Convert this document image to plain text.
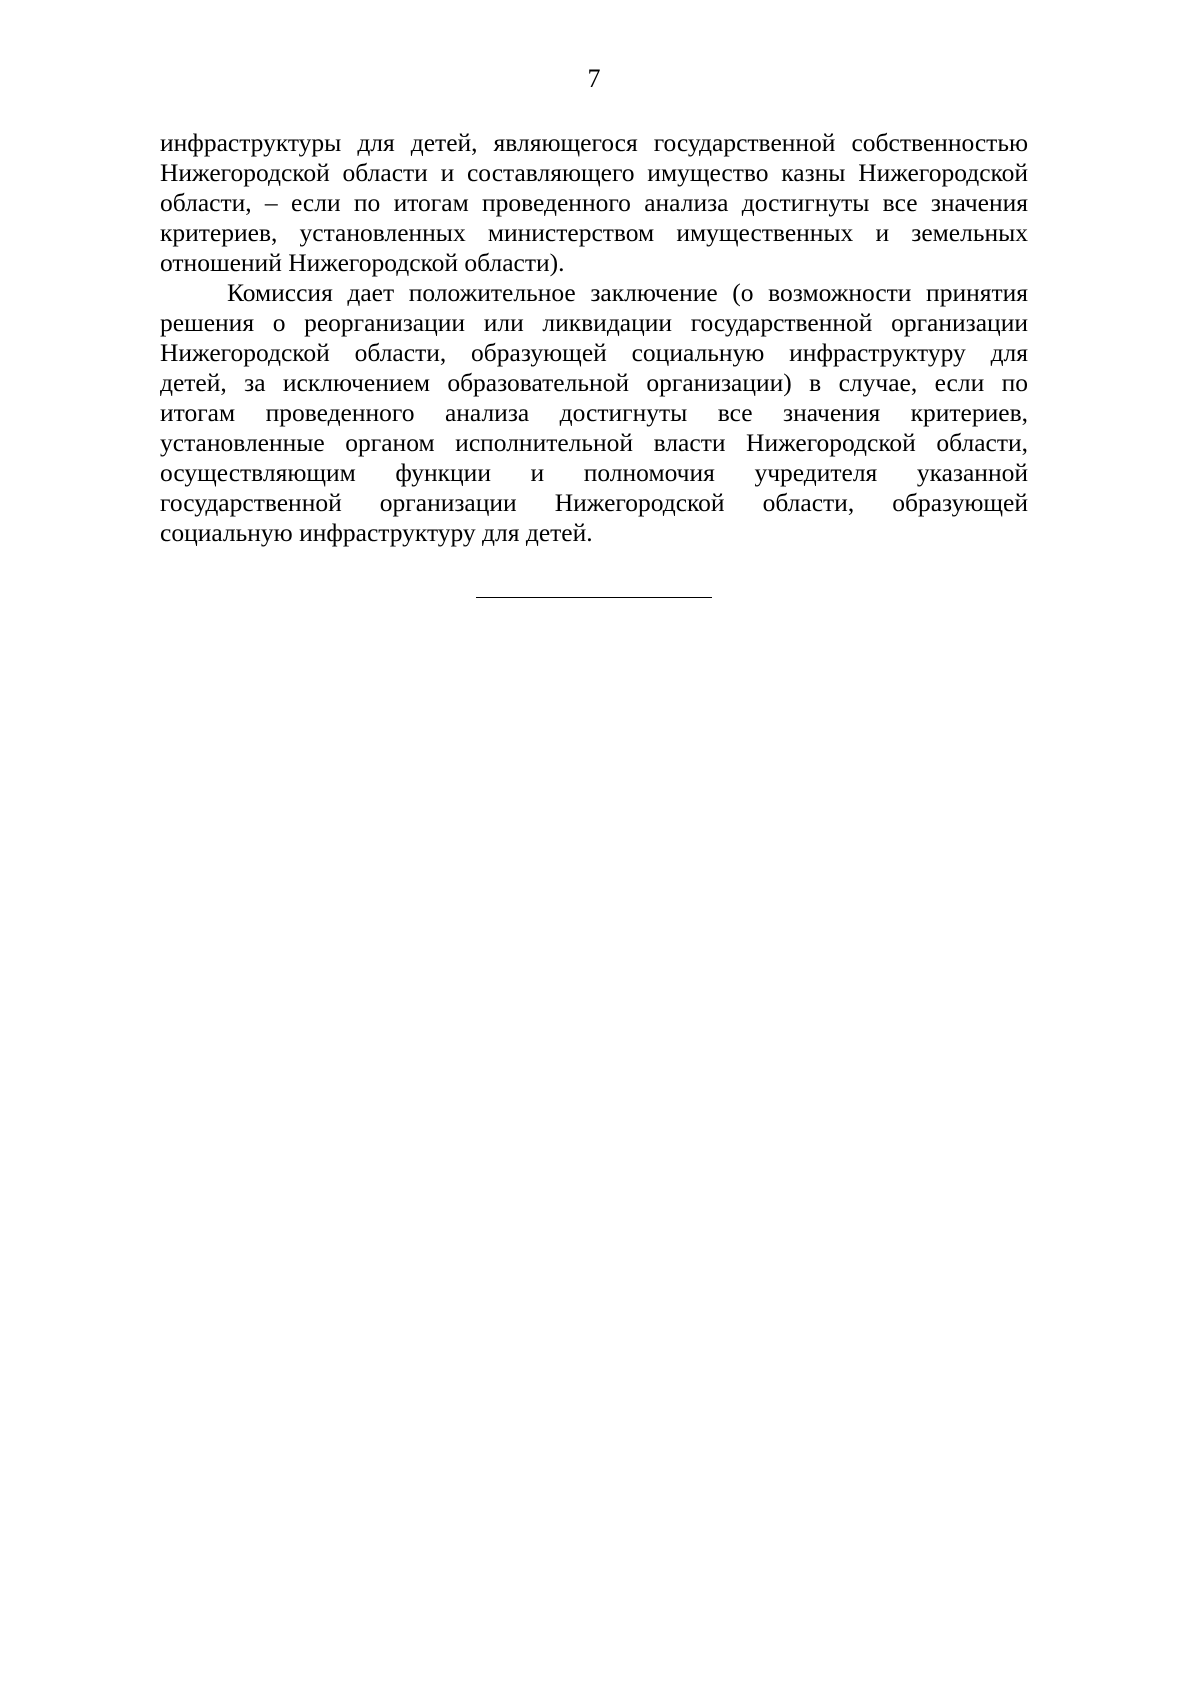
7
инфраструктуры для детей, являющегося государственной собственностью
Нижегородской области и составляющего имущество казны Нижегородской
области, – если по итогам проведенного анализа достигнуты все значения
критериев, установленных министерством имущественных и земельных
отношений Нижегородской области).
Комиссия дает положительное заключение (о возможности принятия
решения о реорганизации или ликвидации государственной организации
Нижегородской области, образующей социальную инфраструктуру для
детей, за исключением образовательной организации) в случае, если по
итогам проведенного анализа достигнуты все значения критериев,
установленные органом исполнительной власти Нижегородской области,
осуществляющим функции и полномочия учредителя указанной
государственной организации Нижегородской области, образующей
социальную инфраструктуру для детей.
